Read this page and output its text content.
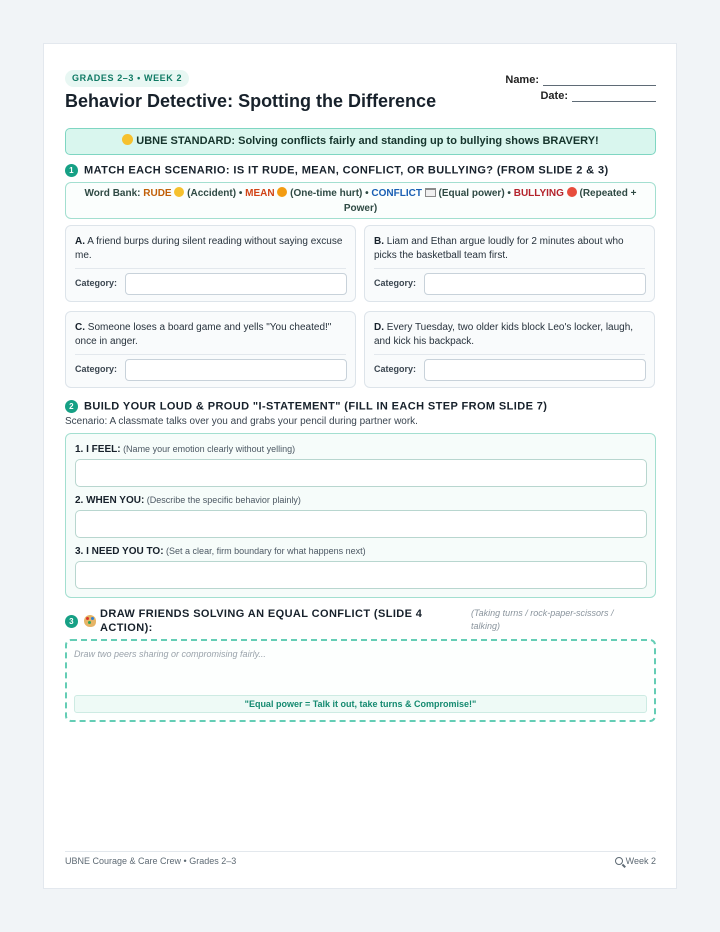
GRADES 2–3 • WEEK 2
Behavior Detective: Spotting the Difference
Name:
Date:
UBNE STANDARD: Solving conflicts fairly and standing up to bullying shows BRAVERY!
1 MATCH EACH SCENARIO: IS IT RUDE, MEAN, CONFLICT, OR BULLYING? (FROM SLIDE 2 & 3)
Word Bank: RUDE (Accident) • MEAN (One-time hurt) • CONFLICT (Equal power) • BULLYING (Repeated + Power)
A. A friend burps during silent reading without saying excuse me.
Category:
B. Liam and Ethan argue loudly for 2 minutes about who picks the basketball team first.
Category:
C. Someone loses a board game and yells "You cheated!" once in anger.
Category:
D. Every Tuesday, two older kids block Leo's locker, laugh, and kick his backpack.
Category:
2 BUILD YOUR LOUD & PROUD "I-STATEMENT" (FILL IN EACH STEP FROM SLIDE 7)
Scenario: A classmate talks over you and grabs your pencil during partner work.
1. I FEEL: (Name your emotion clearly without yelling)
2. WHEN YOU: (Describe the specific behavior plainly)
3. I NEED YOU TO: (Set a clear, firm boundary for what happens next)
3DRAW FRIENDS SOLVING AN EQUAL CONFLICT (SLIDE 4 ACTION):
(Taking turns / rock-paper-scissors / talking)
Draw two peers sharing or compromising fairly...
"Equal power = Talk it out, take turns & Compromise!"
UBNE Courage & Care Crew • Grades 2–3	Week 2
